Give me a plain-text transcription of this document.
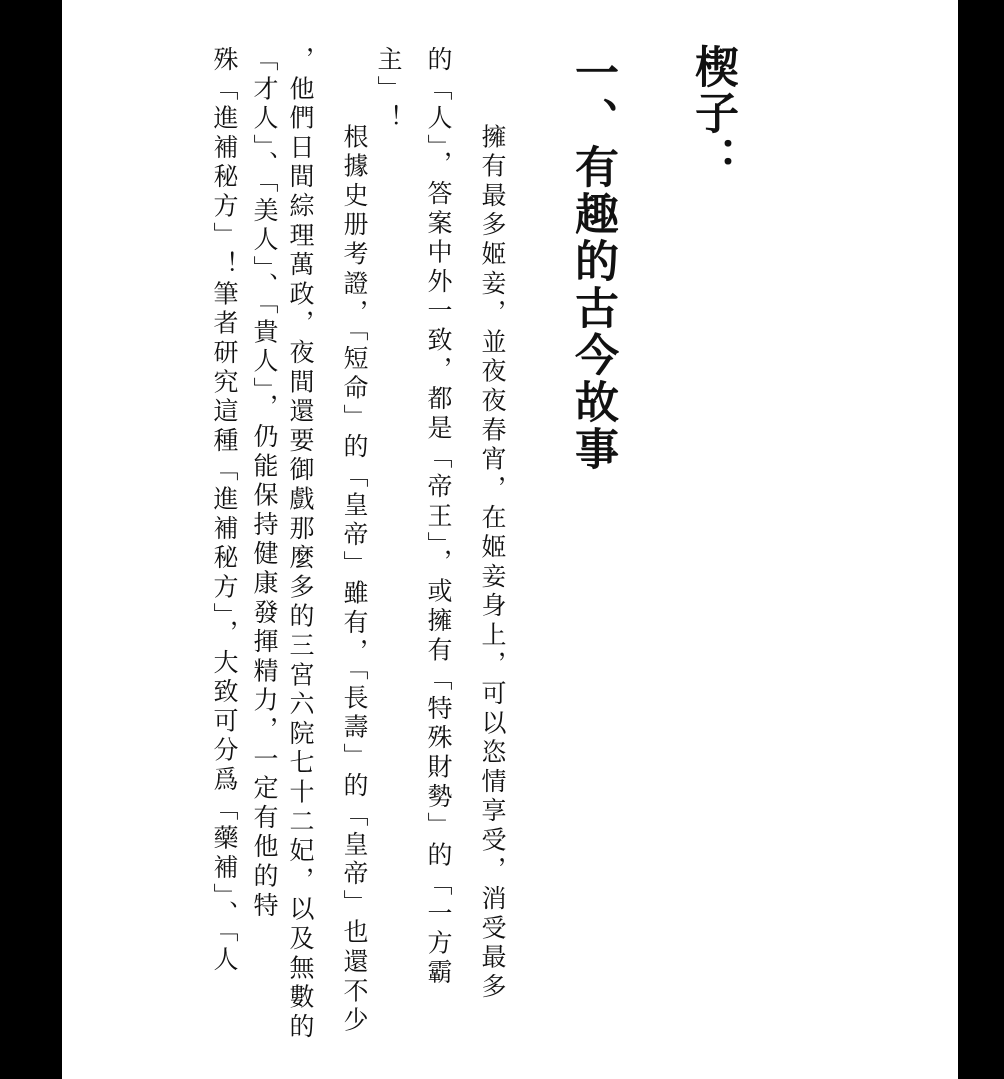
楔子：
一、有趣的古今故事
　擁有最多姬妾，並夜夜春宵，在姬妾身上，可以恣情享受，消受最多
的「人」，答案中外一致，都是「帝王」，或擁有「特殊財勢」的「一方霸
主」！
　根據史册考證，「短命」的「皇帝」雖有，「長壽」的「皇帝」也還不少
，他們日間綜理萬政，夜間還要御戲那麼多的三宮六院七十二妃，以及無數的
「才人」、「美人」、「貴人」，仍能保持健康發揮精力，一定有他的特
殊「進補秘方」！筆者研究這種「進補秘方」，大致可分爲「藥補」、「人
